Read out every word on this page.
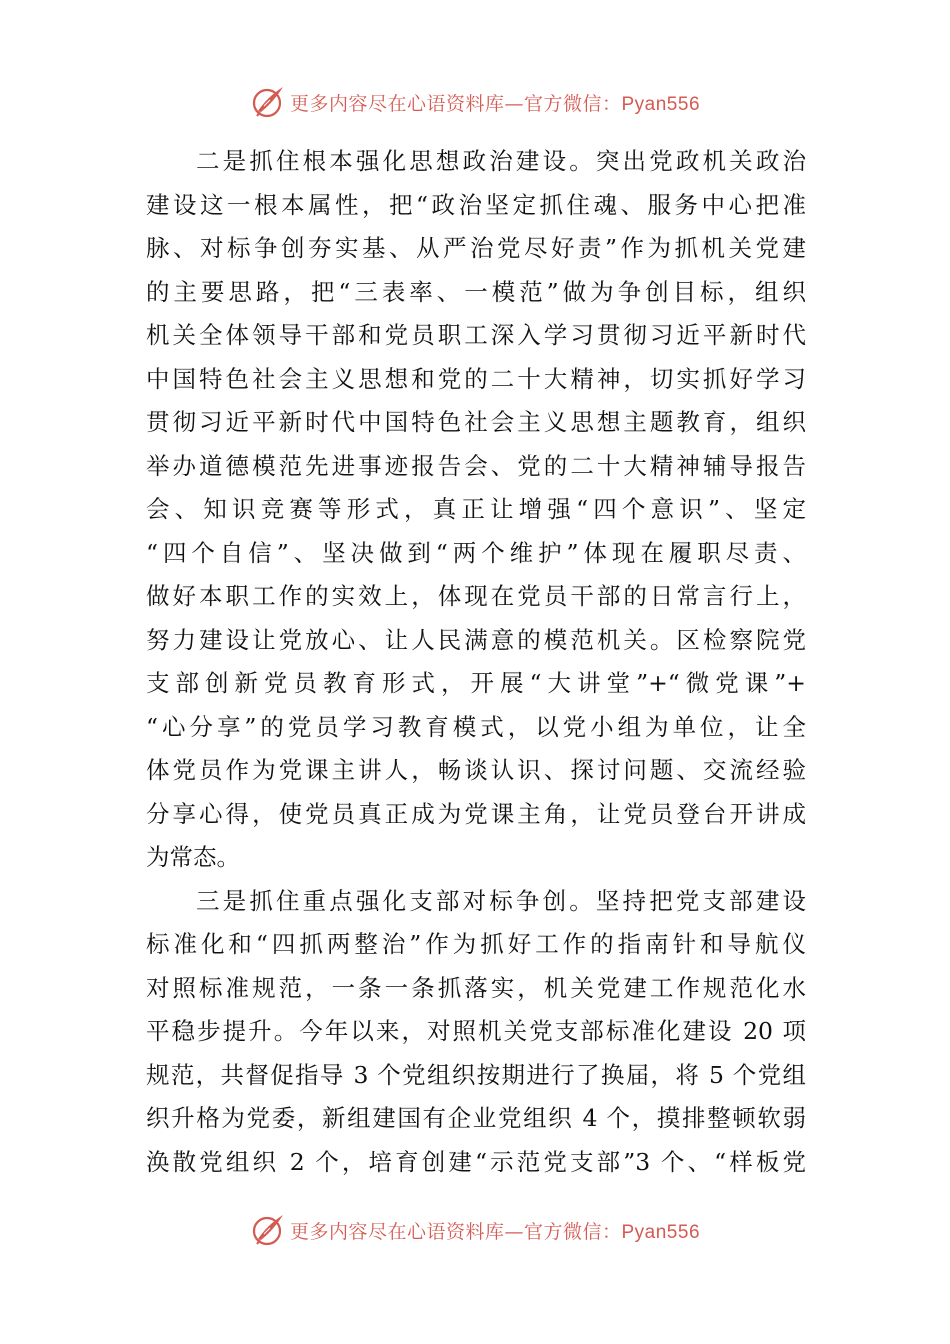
更多内容尽在心语资料库—官方微信：Pyan556
二是抓住根本强化思想政治建设。突出党政机关政治
建设这一根本属性，把“政治坚定抓住魂、服务中心把准
脉、对标争创夯实基、从严治党尽好责”作为抓机关党建
的主要思路，把“三表率、一模范”做为争创目标，组织
机关全体领导干部和党员职工深入学习贯彻习近平新时代
中国特色社会主义思想和党的二十大精神，切实抓好学习
贯彻习近平新时代中国特色社会主义思想主题教育，组织
举办道德模范先进事迹报告会、党的二十大精神辅导报告
会、知识竞赛等形式，真正让增强“四个意识”、坚定
“四个自信”、坚决做到“两个维护”体现在履职尽责、
做好本职工作的实效上，体现在党员干部的日常言行上，
努力建设让党放心、让人民满意的模范机关。区检察院党
支部创新党员教育形式，开展“大讲堂”+“微党课”+
“心分享”的党员学习教育模式，以党小组为单位，让全
体党员作为党课主讲人，畅谈认识、探讨问题、交流经验
分享心得，使党员真正成为党课主角，让党员登台开讲成
为常态。
三是抓住重点强化支部对标争创。坚持把党支部建设
标准化和“四抓两整治”作为抓好工作的指南针和导航仪
对照标准规范，一条一条抓落实，机关党建工作规范化水
平稳步提升。今年以来，对照机关党支部标准化建设 20 项
规范，共督促指导 3 个党组织按期进行了换届，将 5 个党组
织升格为党委，新组建国有企业党组织 4 个，摸排整顿软弱
涣散党组织 2 个，培育创建“示范党支部”3 个、“样板党
更多内容尽在心语资料库—官方微信：Pyan556
